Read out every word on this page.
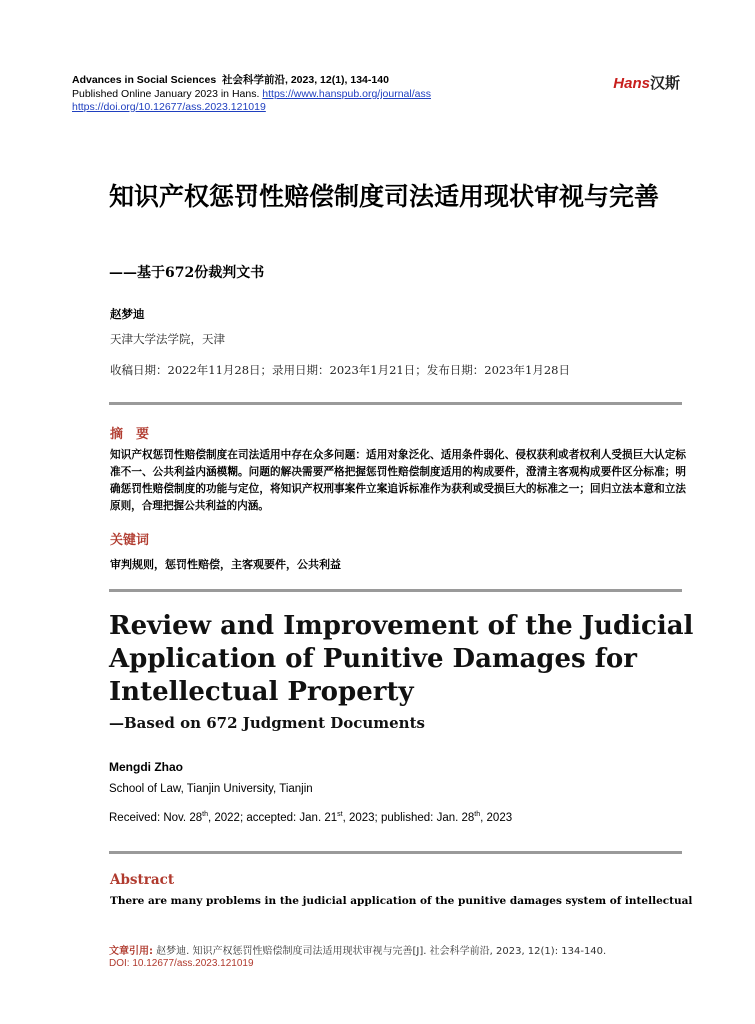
Advances in Social Sciences 社会科学前沿, 2023, 12(1), 134-140
Published Online January 2023 in Hans. https://www.hanspub.org/journal/ass
https://doi.org/10.12677/ass.2023.121019
Hans汉斯
知识产权惩罚性赔偿制度司法适用现状审视与完善
——基于672份裁判文书
赵梦迪
天津大学法学院，天津
收稿日期：2022年11月28日；录用日期：2023年1月21日；发布日期：2023年1月28日
摘　要
知识产权惩罚性赔偿制度在司法适用中存在众多问题：适用对象泛化、适用条件弱化、侵权获利或者权利人受损巨大认定标准不一、公共利益内涵模糊。问题的解决需要严格把握惩罚性赔偿制度适用的构成要件，澄清主客观构成要件区分标准；明确惩罚性赔偿制度的功能与定位，将知识产权刑事案件立案追诉标准作为获利或受损巨大的标准之一；回归立法本意和立法原则，合理把握公共利益的内涵。
关键词
审判规则，惩罚性赔偿，主客观要件，公共利益
Review and Improvement of the Judicial Application of Punitive Damages for Intellectual Property
—Based on 672 Judgment Documents
Mengdi Zhao
School of Law, Tianjin University, Tianjin
Received: Nov. 28th, 2022; accepted: Jan. 21st, 2023; published: Jan. 28th, 2023
Abstract
There are many problems in the judicial application of the punitive damages system of intellectual
文章引用: 赵梦迪. 知识产权惩罚性赔偿制度司法适用现状审视与完善[J]. 社会科学前沿, 2023, 12(1): 134-140.
DOI: 10.12677/ass.2023.121019
